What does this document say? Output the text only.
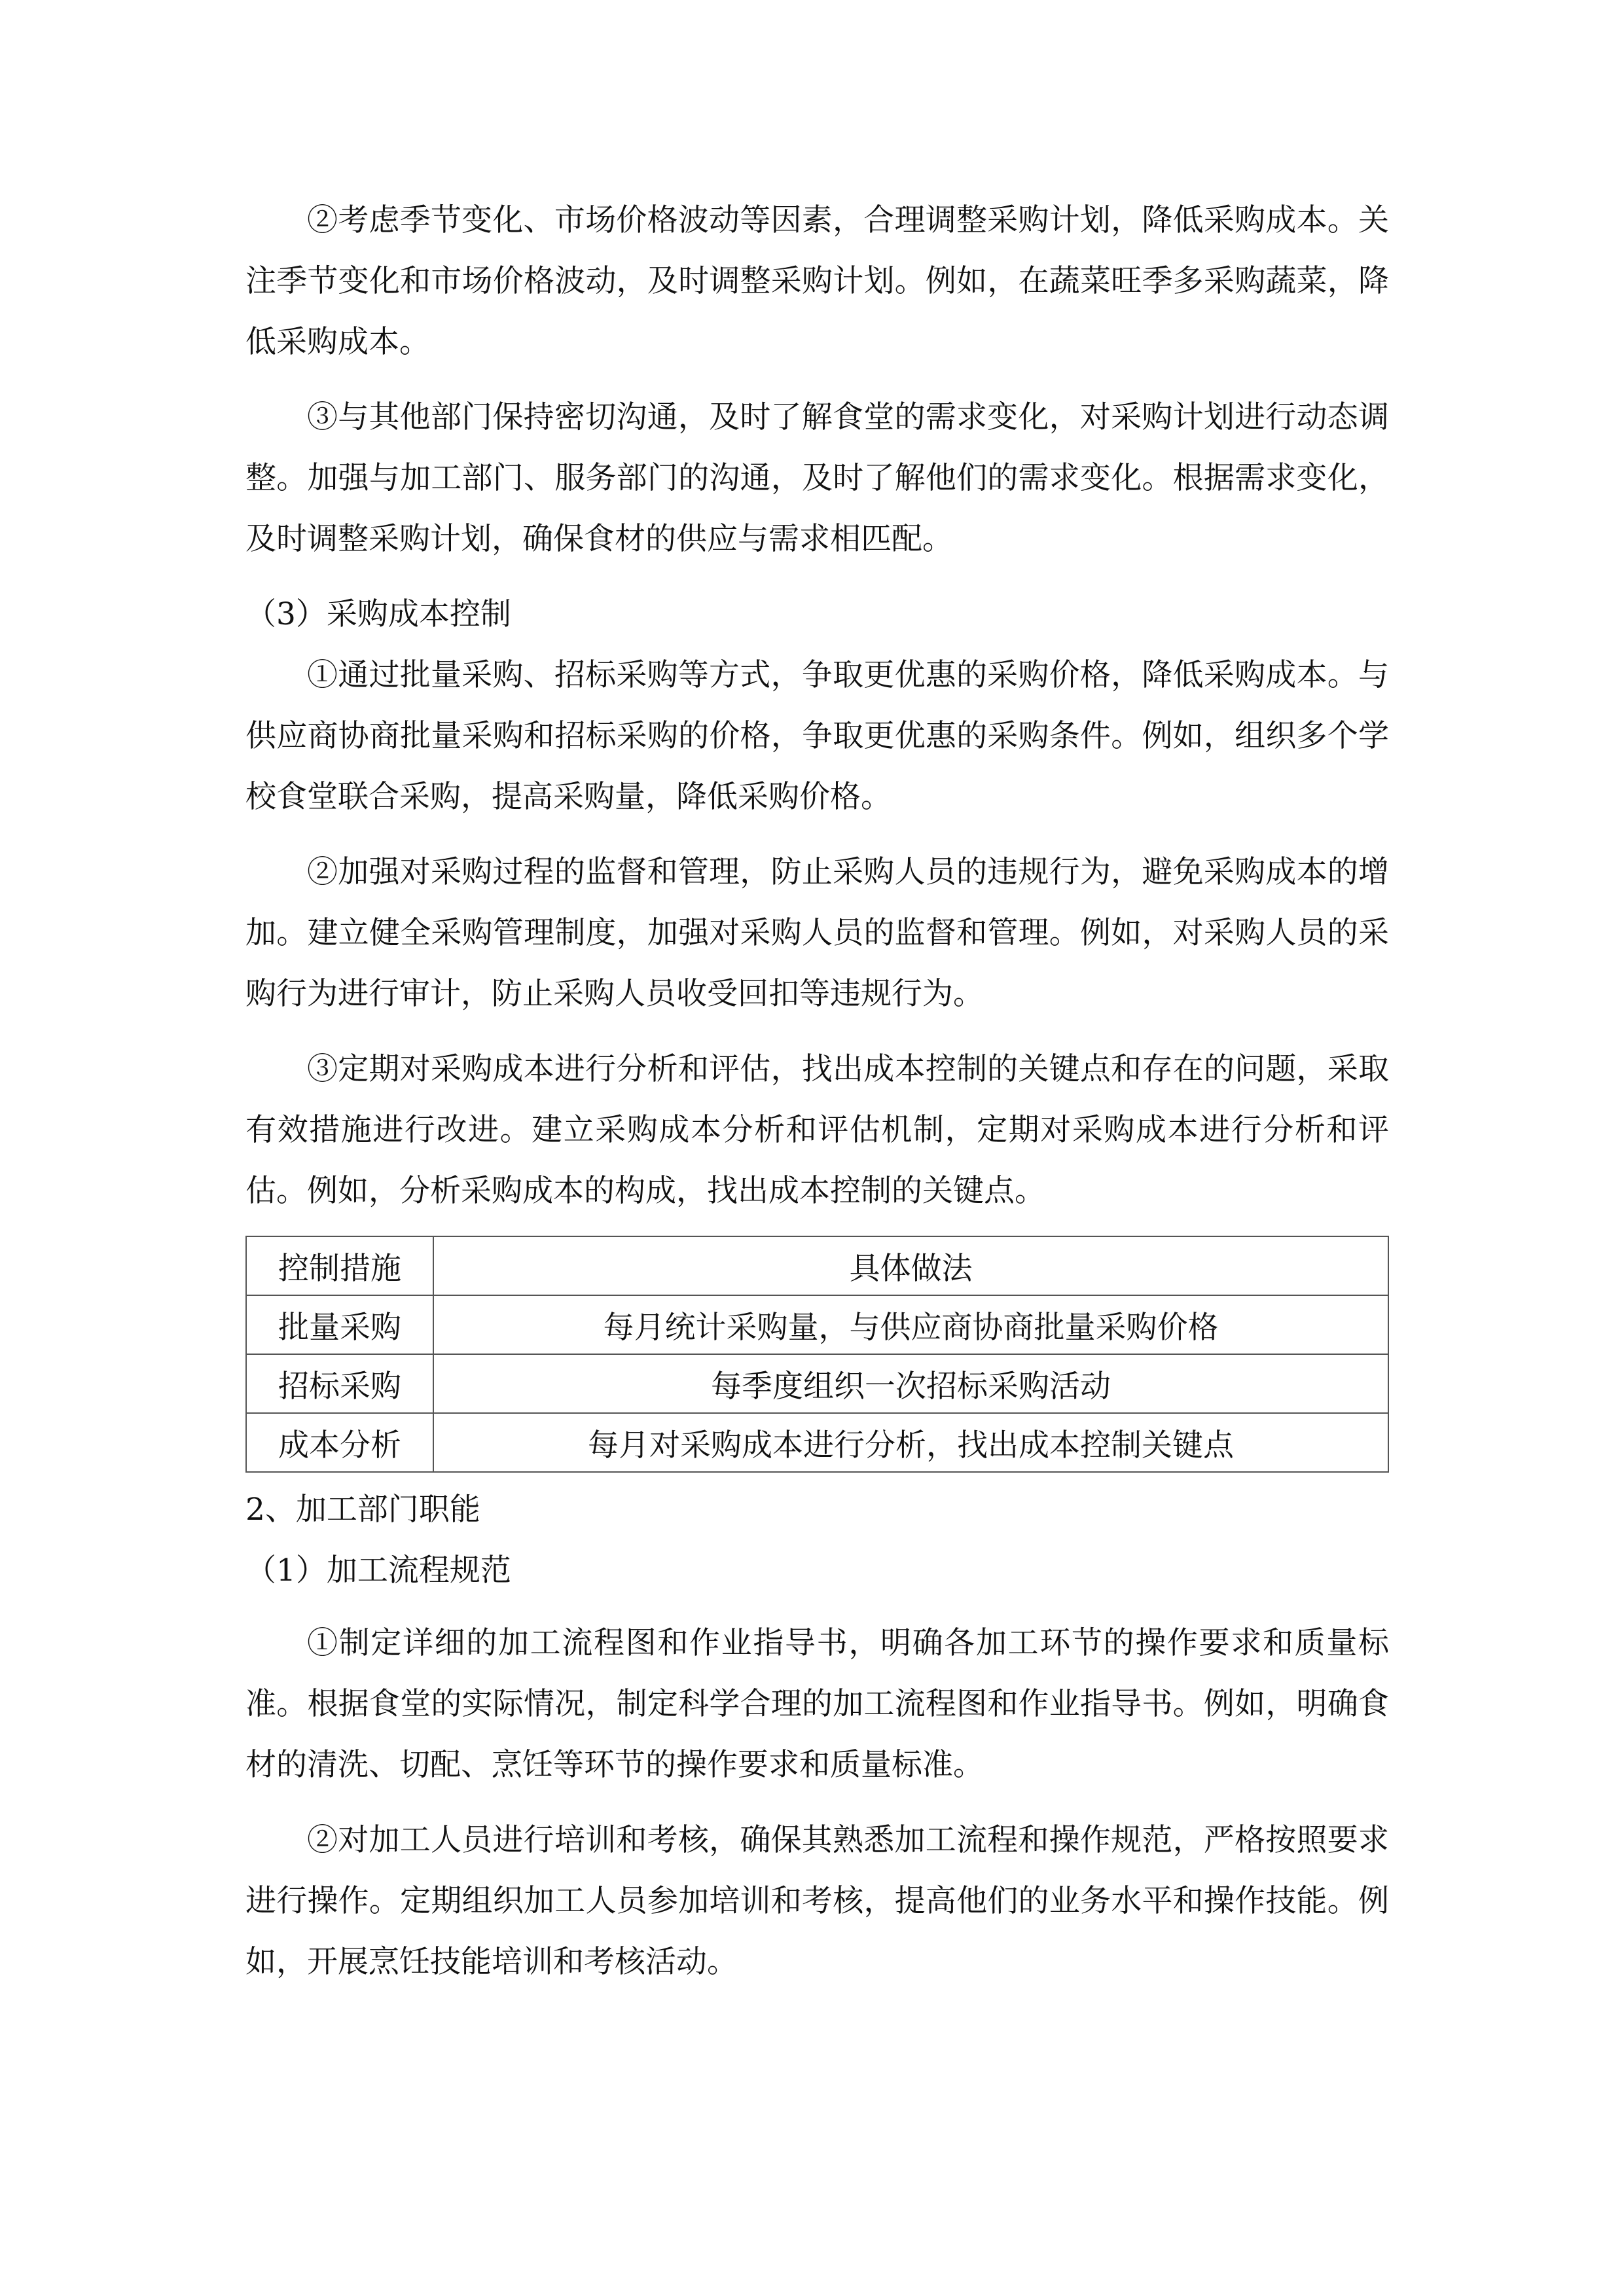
②考虑季节变化、市场价格波动等因素，合理调整采购计划，降低采购成本。关注季节变化和市场价格波动，及时调整采购计划。例如，在蔬菜旺季多采购蔬菜，降低采购成本。

③与其他部门保持密切沟通，及时了解食堂的需求变化，对采购计划进行动态调整。加强与加工部门、服务部门的沟通，及时了解他们的需求变化。根据需求变化，及时调整采购计划，确保食材的供应与需求相匹配。

（3）采购成本控制

①通过批量采购、招标采购等方式，争取更优惠的采购价格，降低采购成本。与供应商协商批量采购和招标采购的价格，争取更优惠的采购条件。例如，组织多个学校食堂联合采购，提高采购量，降低采购价格。

②加强对采购过程的监督和管理，防止采购人员的违规行为，避免采购成本的增加。建立健全采购管理制度，加强对采购人员的监督和管理。例如，对采购人员的采购行为进行审计，防止采购人员收受回扣等违规行为。

③定期对采购成本进行分析和评估，找出成本控制的关键点和存在的问题，采取有效措施进行改进。建立采购成本分析和评估机制，定期对采购成本进行分析和评估。例如，分析采购成本的构成，找出成本控制的关键点。

控制措施	具体做法
批量采购	每月统计采购量，与供应商协商批量采购价格
招标采购	每季度组织一次招标采购活动
成本分析	每月对采购成本进行分析，找出成本控制关键点

2、加工部门职能

（1）加工流程规范

①制定详细的加工流程图和作业指导书，明确各加工环节的操作要求和质量标准。根据食堂的实际情况，制定科学合理的加工流程图和作业指导书。例如，明确食材的清洗、切配、烹饪等环节的操作要求和质量标准。

②对加工人员进行培训和考核，确保其熟悉加工流程和操作规范，严格按照要求进行操作。定期组织加工人员参加培训和考核，提高他们的业务水平和操作技能。例如，开展烹饪技能培训和考核活动。
